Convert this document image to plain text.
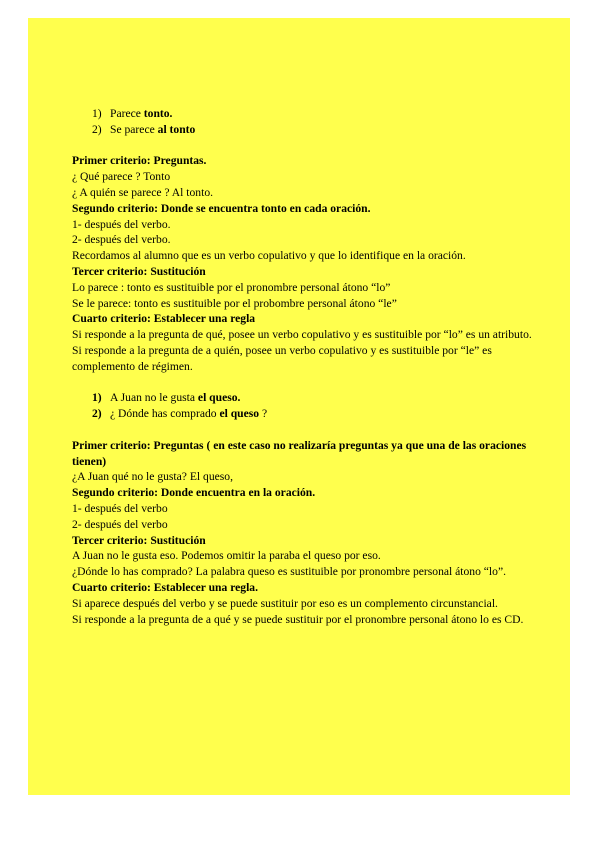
1) Parece tonto.
2) Se parece al tonto
Primer criterio: Preguntas.
¿ Qué parece ? Tonto
¿ A quién se parece ? Al tonto.
Segundo criterio: Donde se encuentra tonto en cada oración.
1- después del verbo.
2- después del verbo.
Recordamos al alumno que es un verbo copulativo y que lo identifique en la oración.
Tercer criterio: Sustitución
Lo parece : tonto es sustituible por el pronombre personal átono “lo”
Se le parece: tonto es sustituible por el probombre personal átono “le”
Cuarto criterio: Establecer una regla
Si responde a la pregunta de qué, posee un verbo copulativo y es sustituible por “lo” es un atributo.
Si responde a la pregunta de a quién, posee un verbo copulativo y es sustituible por “le” es complemento de régimen.
1) A Juan no le gusta el queso.
2) ¿ Dónde has comprado el queso ?
Primer criterio: Preguntas ( en este caso no realizaría preguntas ya que una de las oraciones tienen)
¿A Juan qué no le gusta? El queso,
Segundo criterio: Donde encuentra en la oración.
1- después del verbo
2- después del verbo
Tercer criterio: Sustitución
A Juan no le gusta eso. Podemos omitir la paraba el queso por eso.
¿Dónde lo has comprado? La palabra queso es sustituible por pronombre personal átono “lo”.
Cuarto criterio: Establecer una regla.
Si aparece después del verbo y se puede sustituir por eso es un complemento circunstancial.
Si responde a la pregunta de a qué y se puede sustituir por el pronombre personal átono lo es CD.
